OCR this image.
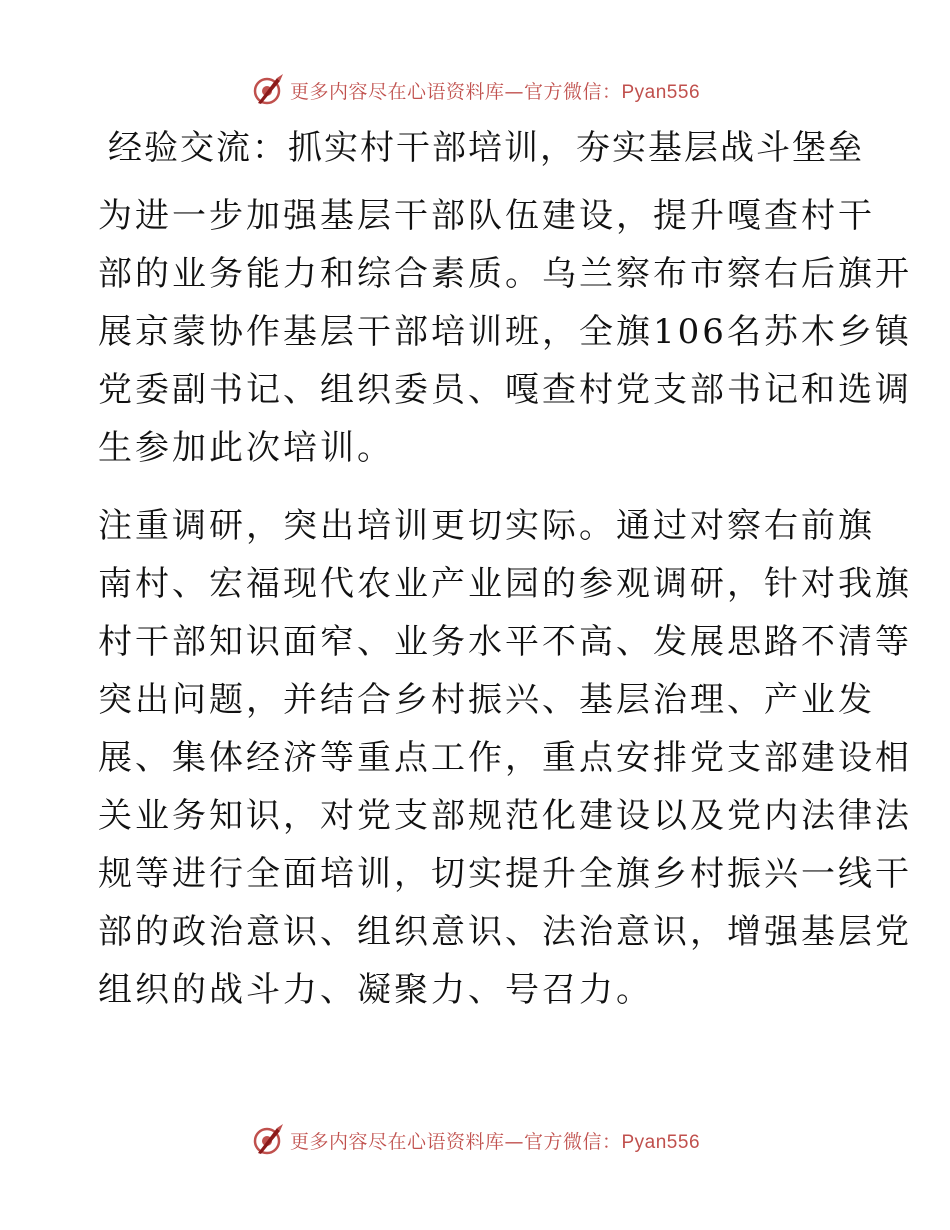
更多内容尽在心语资料库—官方微信：Pyan556
经验交流：抓实村干部培训，夯实基层战斗堡垒

为进一步加强基层干部队伍建设，提升嘎查村干
部的业务能力和综合素质。乌兰察布市察右后旗开
展京蒙协作基层干部培训班，全旗106名苏木乡镇
党委副书记、组织委员、嘎查村党支部书记和选调
生参加此次培训。

注重调研，突出培训更切实际。通过对察右前旗
南村、宏福现代农业产业园的参观调研，针对我旗
村干部知识面窄、业务水平不高、发展思路不清等
突出问题，并结合乡村振兴、基层治理、产业发
展、集体经济等重点工作，重点安排党支部建设相
关业务知识，对党支部规范化建设以及党内法律法
规等进行全面培训，切实提升全旗乡村振兴一线干
部的政治意识、组织意识、法治意识，增强基层党
组织的战斗力、凝聚力、号召力。

更多内容尽在心语资料库—官方微信：Pyan556
